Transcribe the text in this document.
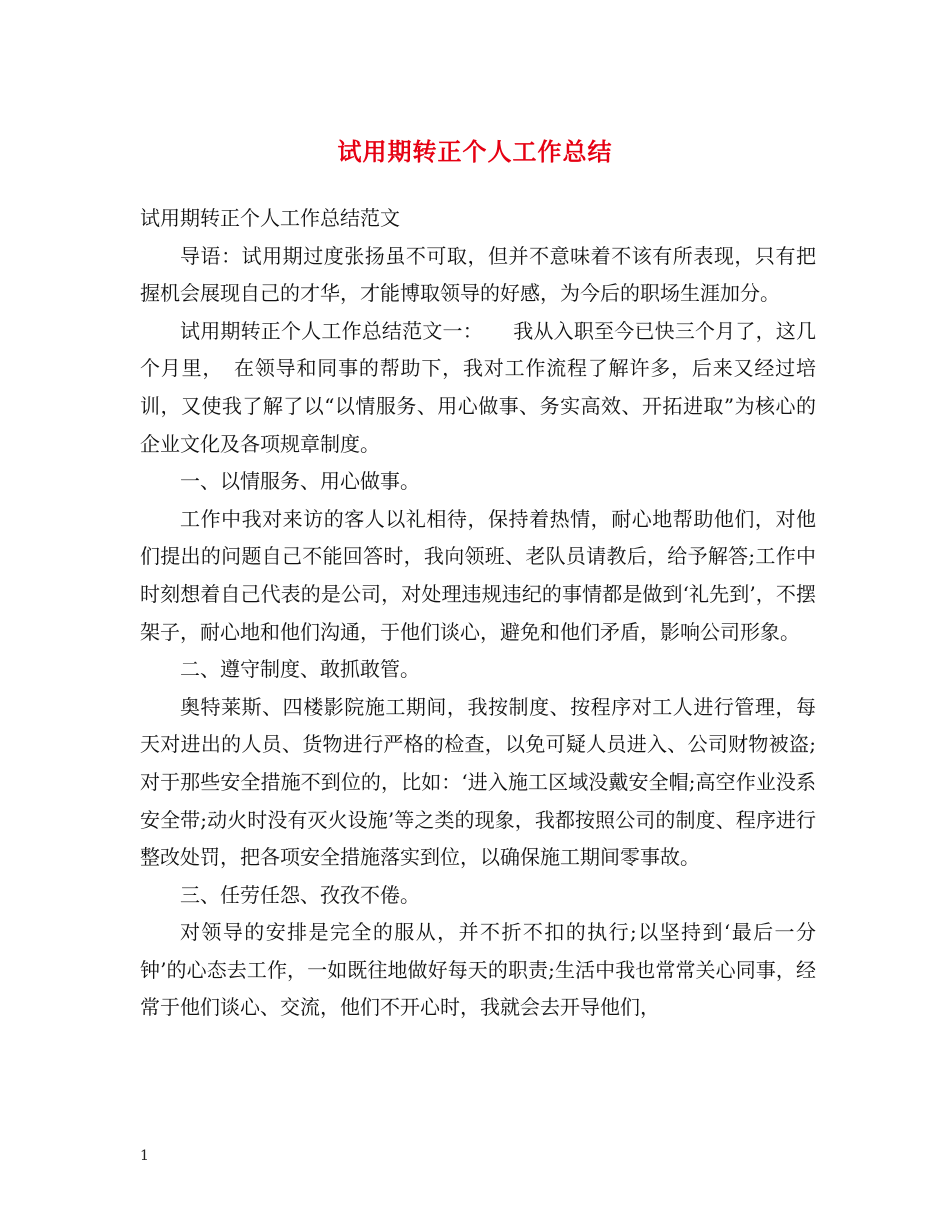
试用期转正个人工作总结

试用期转正个人工作总结范文

导语：试用期过度张扬虽不可取，但并不意味着不该有所表现，只有把握机会展现自己的才华，才能博取领导的好感，为今后的职场生涯加分。

试用期转正个人工作总结范文一：　　我从入职至今已快三个月了，这几个月里，　在领导和同事的帮助下，我对工作流程了解许多，后来又经过培训，又使我了解了以“以情服务、用心做事、务实高效、开拓进取”为核心的企业文化及各项规章制度。

一、以情服务、用心做事。

工作中我对来访的客人以礼相待，保持着热情，耐心地帮助他们，对他们提出的问题自己不能回答时，我向领班、老队员请教后，给予解答;工作中时刻想着自己代表的是公司，对处理违规违纪的事情都是做到‘礼先到’，不摆架子，耐心地和他们沟通，于他们谈心，避免和他们矛盾，影响公司形象。

二、遵守制度、敢抓敢管。

奥特莱斯、四楼影院施工期间，我按制度、按程序对工人进行管理，每天对进出的人员、货物进行严格的检查，以免可疑人员进入、公司财物被盗;对于那些安全措施不到位的，比如：‘进入施工区域没戴安全帽;高空作业没系安全带;动火时没有灭火设施’等之类的现象，我都按照公司的制度、程序进行整改处罚，把各项安全措施落实到位，以确保施工期间零事故。

三、任劳任怨、孜孜不倦。

对领导的安排是完全的服从，并不折不扣的执行;以坚持到‘最后一分钟’的心态去工作，一如既往地做好每天的职责;生活中我也常常关心同事，经常于他们谈心、交流，他们不开心时，我就会去开导他们，

1
